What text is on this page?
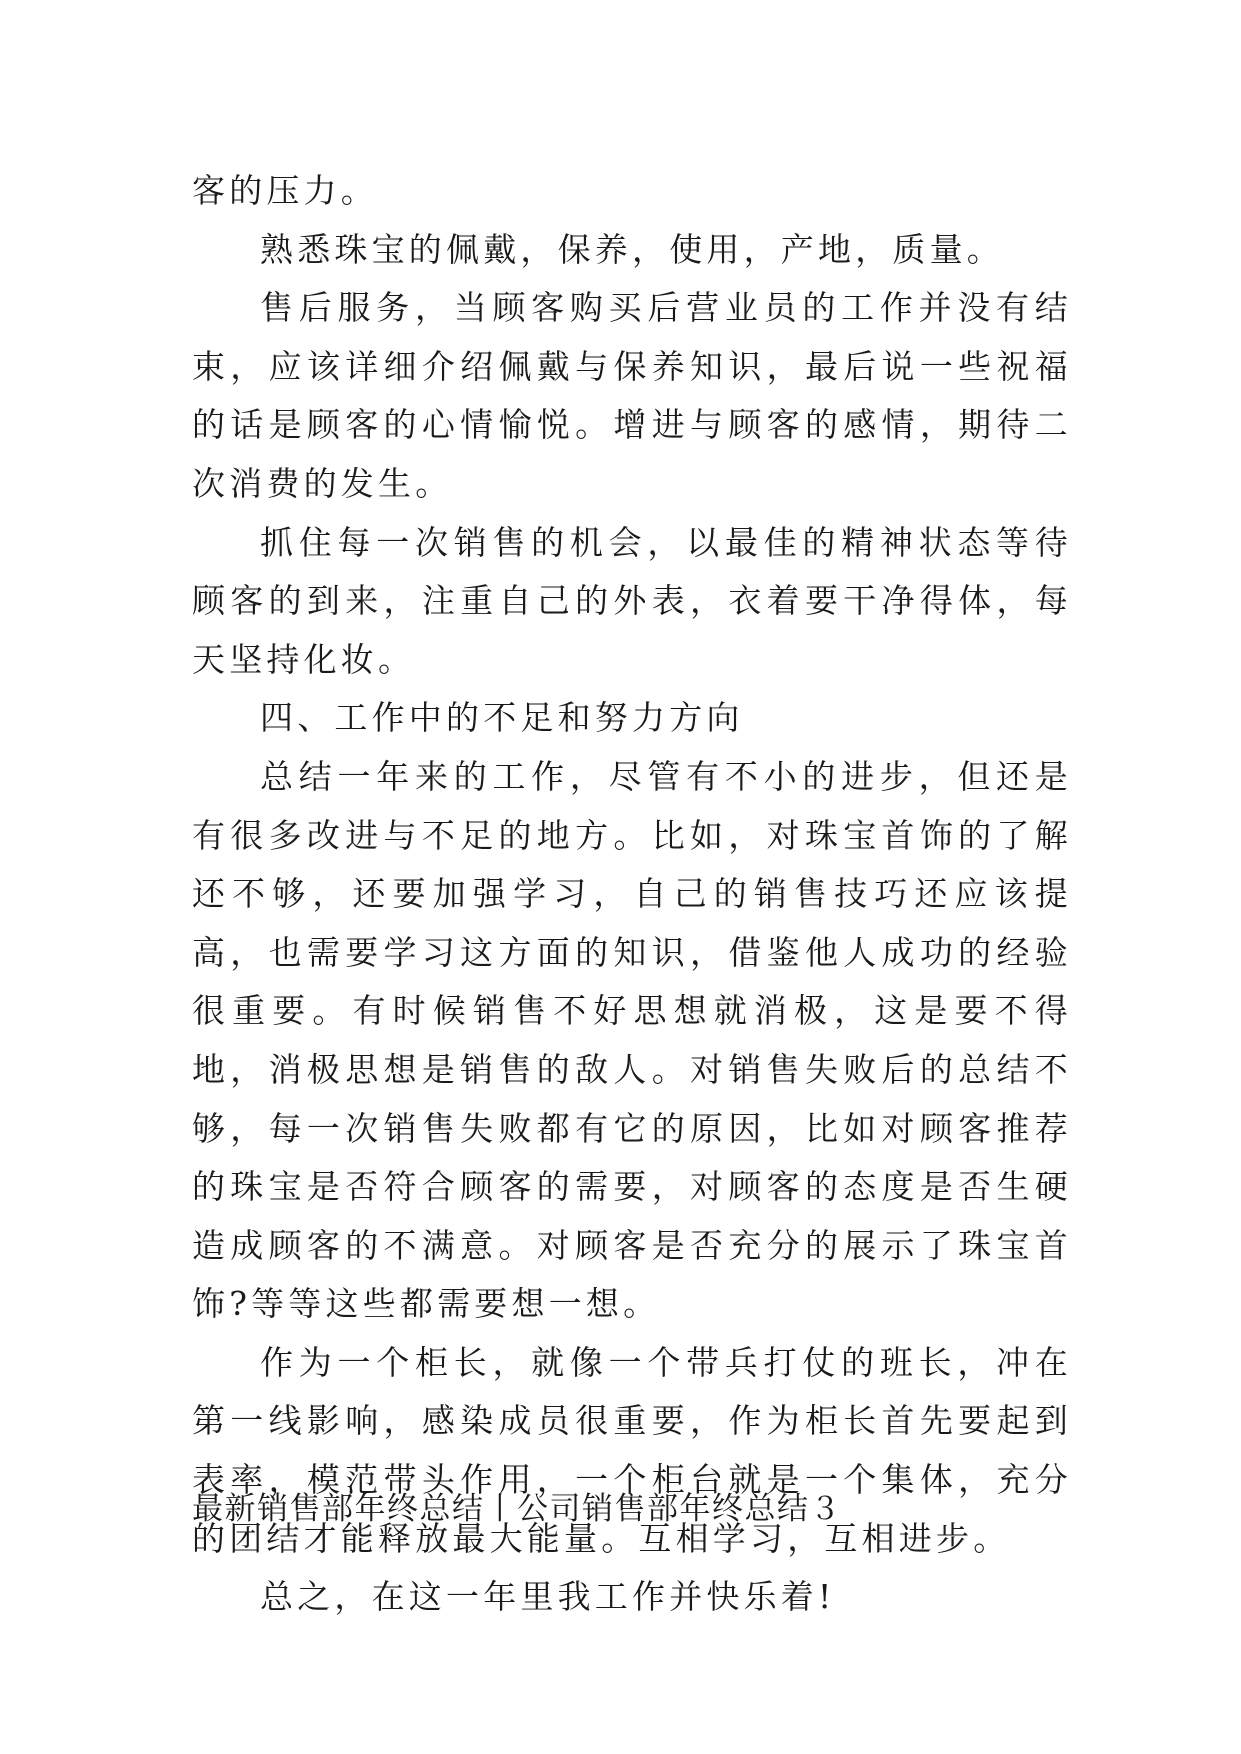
客的压力。

熟悉珠宝的佩戴，保养，使用，产地，质量。

售后服务，当顾客购买后营业员的工作并没有结束，应该详细介绍佩戴与保养知识，最后说一些祝福的话是顾客的心情愉悦。增进与顾客的感情，期待二次消费的发生。

抓住每一次销售的机会，以最佳的精神状态等待顾客的到来，注重自己的外表，衣着要干净得体，每天坚持化妆。

四、工作中的不足和努力方向

总结一年来的工作，尽管有不小的进步，但还是有很多改进与不足的地方。比如，对珠宝首饰的了解还不够，还要加强学习，自己的销售技巧还应该提高，也需要学习这方面的知识，借鉴他人成功的经验很重要。有时候销售不好思想就消极，这是要不得地，消极思想是销售的敌人。对销售失败后的总结不够，每一次销售失败都有它的原因，比如对顾客推荐的珠宝是否符合顾客的需要，对顾客的态度是否生硬造成顾客的不满意。对顾客是否充分的展示了珠宝首饰?等等这些都需要想一想。

作为一个柜长，就像一个带兵打仗的班长，冲在第一线影响，感染成员很重要，作为柜长首先要起到表率，模范带头作用，一个柜台就是一个集体，充分的团结才能释放最大能量。互相学习，互相进步。

总之，在这一年里我工作并快乐着!

最新销售部年终总结丨公司销售部年终总结３
